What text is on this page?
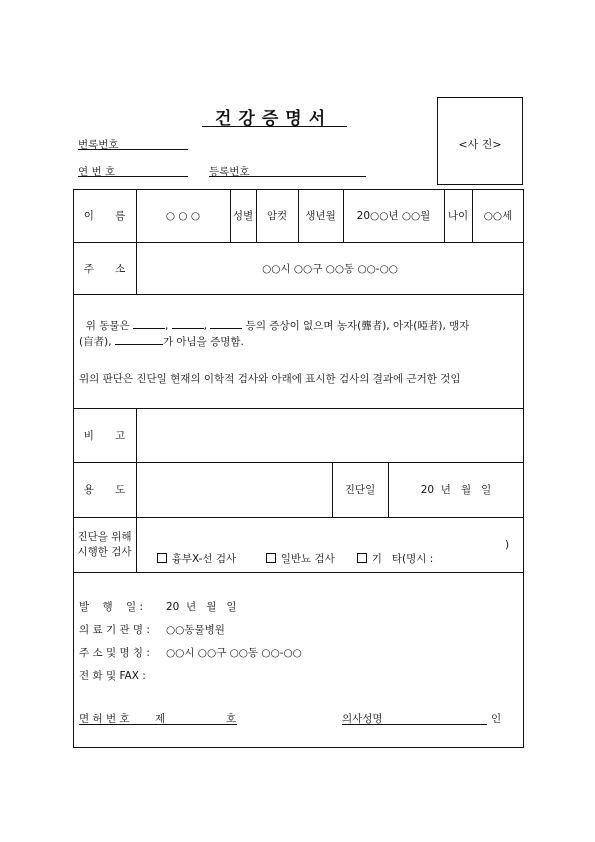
건강증명서
<사 진>
번록번호
연 번 호	등록번호
이 름	○ ○ ○	성별	암컷	생년월	20○○년 ○○월	나이	○○세
주 소	○○시 ○○구 ○○동 ○○-○○
위 동물은	,	,	등의 증상이 없으며 농자(聾者), 아자(啞者), 맹자
(盲者),	가 아님을 증명함.
위의 판단은 진단일 현재의 이학적 검사와 아래에 표시한 검사의 결과에 근거한 것임
비 고
용 도	진단일	20  년   월   일
진단을 위해
시행한 검사

흉부X-선 검사	일반뇨 검사	기   타(명시 :

)
발    행    일 : 20  년   월   일
의 료 기 관 명 : ○○동물병원
주 소 및 명 칭 : ○○시 ○○구 ○○동 ○○-○○
전 화 및 FAX :
면 허 번 호 제	호	의사성명	인
